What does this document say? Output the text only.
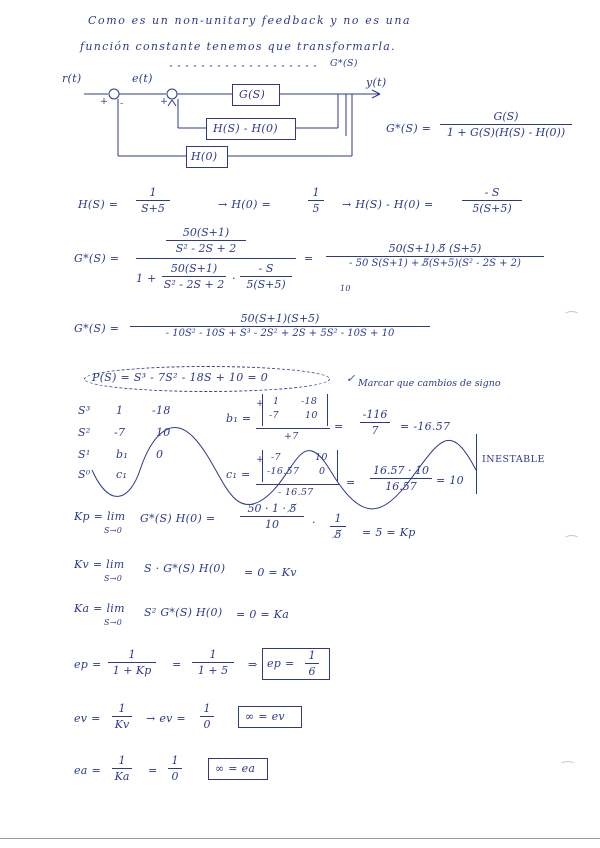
Como es un non-unitary feedback y no es una
función constante tenemos que transformarla.
r(t)	e(t)	y(t)
G*(S)
+	+
-
G(S)
H(S) - H(0)
H(0)
G*(S) =
G(S)
1 + G(S)(H(S) - H(0))
H(S) =
1
S+5	→ H(0) =
1
5	→ H(S) - H(0) =
- S
5(S+5)
G*(S) =
50(S+1)
S² - 2S + 2
1 +
50(S+1)
S² - 2S + 2 ·
- S
5(S+5)
=
50(S+1) 5̸ (S+5)
- 50 S(S+1) + 5̸(S+5)(S² - 2S + 2)
10
G*(S) =
50(S+1)(S+5)
- 10S² - 10S + S³ - 2S² + 2S + 5S² - 10S + 10
P(S) = S³ - 7S² - 18S + 10 = 0	Marcar que cambios de signo
✓
S³ 1	-18
S² -7	10
S¹ b₁	0
S⁰ c₁
b₁ =
+ 1 -18
-7	10
+7
=
-116
7	= -16.57
c₁ =
+ -7	10
-16.57 0
- 16.57
=
16.57 · 10
16.57	= 10
INESTABLE
Kp = lim
S→0
G*(S) H(0) =
50 · 1 · 5̸
10	·	1
5̸	= 5 = Kp
Kv = lim
S→0
S · G*(S) H(0) = 0 = Kv
Ka = lim
S→0
S² G*(S) H(0) = 0 = Ka
ep =
1
1 + Kp	=
1
1 + 5	⇒ ep =
1
6
ev =
1
Kv → ev =
1
0
∞ = ev
ea =
1
Ka =
1
0
∞ = ea
⁀
⁀
⁀
